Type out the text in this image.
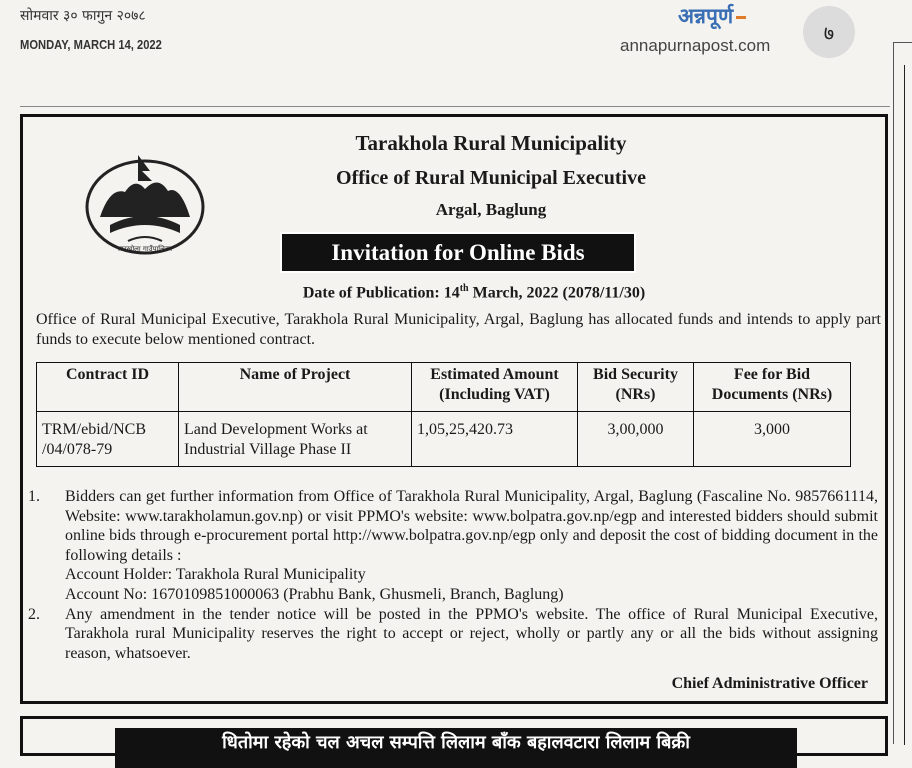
सोमवार ३० फागुन २०७८
MONDAY, MARCH 14, 2022
अन्नपूर्ण
annapurnapost.com
७
तारखोला गाउँपालिका
Tarakhola Rural Municipality
Office of Rural Municipal Executive
Argal, Baglung
Invitation for Online Bids
Date of Publication: 14th March, 2022 (2078/11/30)
Office of Rural Municipal Executive, Tarakhola Rural Municipality, Argal, Baglung has allocated funds and intends to apply part funds to execute below mentioned contract.
Contract ID	Name of Project	Estimated Amount (Including VAT)	Bid Security (NRs)	Fee for Bid Documents (NRs)
TRM/ebid/NCB /04/078-79	Land Development Works at Industrial Village Phase II	1,05,25,420.73	3,00,000	3,000
1. Bidders can get further information from Office of Tarakhola Rural Municipality, Argal, Baglung (Fascaline No. 9857661114, Website: www.tarakholamun.gov.np) or visit PPMO's website: www.bolpatra.gov.np/egp and interested bidders should submit online bids through e-procurement portal http://www.bolpatra.gov.np/egp only and deposit the cost of bidding document in the following details :
Account Holder: Tarakhola Rural Municipality
Account No: 1670109851000063 (Prabhu Bank, Ghusmeli, Branch, Baglung)
2. Any amendment in the tender notice will be posted in the PPMO's website. The office of Rural Municipal Executive, Tarakhola rural Municipality reserves the right to accept or reject, wholly or partly any or all the bids without assigning reason, whatsoever.
Chief Administrative Officer
धितोमा रहेको चल अचल सम्पत्ति लिलाम बाँक बहालवटारा लिलाम बिक्री
